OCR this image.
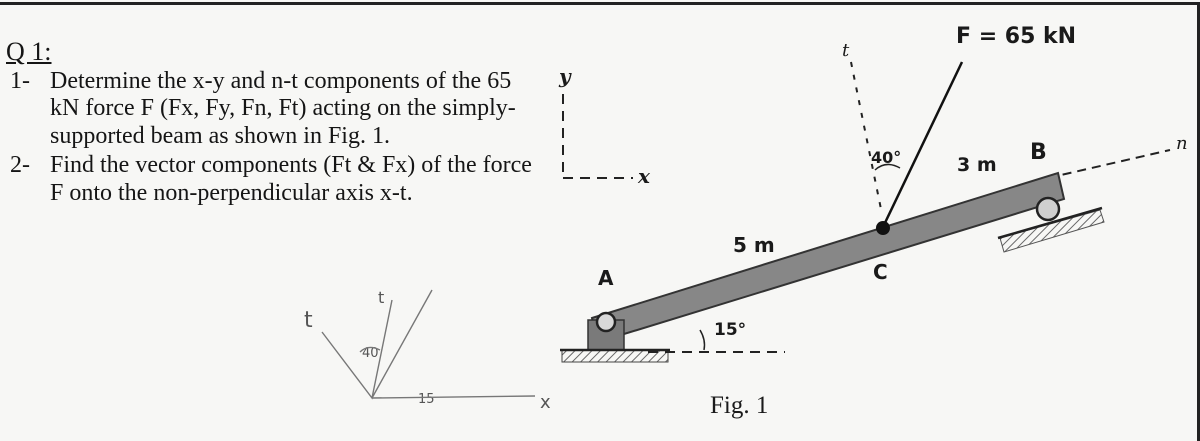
Q 1:
1- Determine the x-y and n-t components of the 65 kN force F (Fx, Fy, Fn, Ft) acting on the simply-supported beam as shown in Fig. 1.
2- Find the vector components (Ft & Fx) of the force F onto the non-perpendicular axis x-t.
t
t
40
15	x
y
x
F = 65 kN
40°	3 m B
C
5 m
A
15°
t
n
Fig. 1
